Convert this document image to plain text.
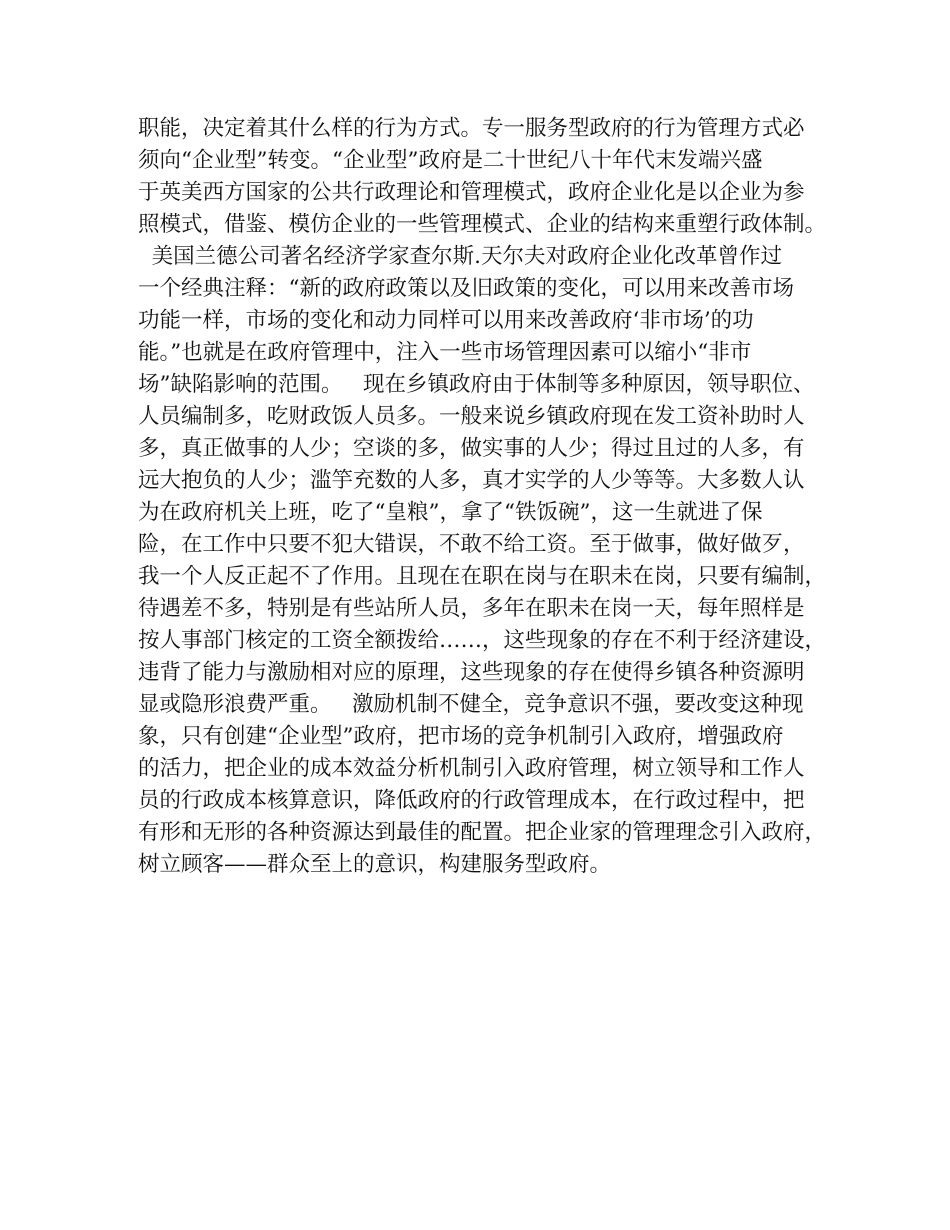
职能，决定着其什么样的行为方式。专一服务型政府的行为管理方式必
须向“企业型”转变。“企业型”政府是二十世纪八十年代末发端兴盛
于英美西方国家的公共行政理论和管理模式，政府企业化是以企业为参
照模式，借鉴、模仿企业的一些管理模式、企业的结构来重塑行政体制。
美国兰德公司著名经济学家查尔斯.天尔夫对政府企业化改革曾作过
一个经典注释：“新的政府政策以及旧政策的变化，可以用来改善市场
功能一样，市场的变化和动力同样可以用来改善政府‘非市场’的功
能。”也就是在政府管理中，注入一些市场管理因素可以缩小“非市
场”缺陷影响的范围。   现在乡镇政府由于体制等多种原因，领导职位、
人员编制多，吃财政饭人员多。一般来说乡镇政府现在发工资补助时人
多，真正做事的人少；空谈的多，做实事的人少；得过且过的人多，有
远大抱负的人少；滥竽充数的人多，真才实学的人少等等。大多数人认
为在政府机关上班，吃了“皇粮”，拿了“铁饭碗”，这一生就进了保
险，在工作中只要不犯大错误，不敢不给工资。至于做事，做好做歹，
我一个人反正起不了作用。且现在在职在岗与在职未在岗，只要有编制，
待遇差不多，特别是有些站所人员，多年在职未在岗一天，每年照样是
按人事部门核定的工资全额拨给……，这些现象的存在不利于经济建设，
违背了能力与激励相对应的原理，这些现象的存在使得乡镇各种资源明
显或隐形浪费严重。   激励机制不健全，竞争意识不强，要改变这种现
象，只有创建“企业型”政府，把市场的竞争机制引入政府，增强政府
的活力，把企业的成本效益分析机制引入政府管理，树立领导和工作人
员的行政成本核算意识，降低政府的行政管理成本，在行政过程中，把
有形和无形的各种资源达到最佳的配置。把企业家的管理理念引入政府，
树立顾客——群众至上的意识，构建服务型政府。
